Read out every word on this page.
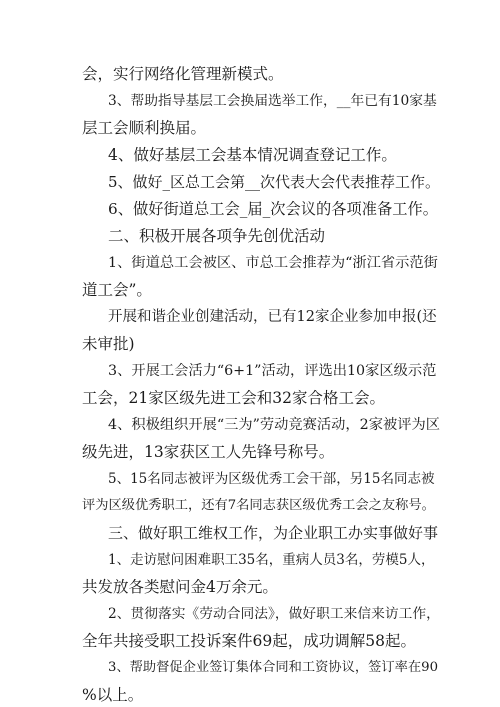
会，实行网络化管理新模式。
3、帮助指导基层工会换届选举工作，__年已有10家基
层工会顺利换届。
4、做好基层工会基本情况调查登记工作。
5、做好_区总工会第__次代表大会代表推荐工作。
6、做好街道总工会_届_次会议的各项准备工作。
二、积极开展各项争先创优活动
1、街道总工会被区、市总工会推荐为“浙江省示范街
道工会”。
开展和谐企业创建活动，已有12家企业参加申报(还
未审批)
3、开展工会活力“6+1”活动，评选出10家区级示范
工会，21家区级先进工会和32家合格工会。
4、积极组织开展“三为”劳动竞赛活动，2家被评为区
级先进，13家获区工人先锋号称号。
5、15名同志被评为区级优秀工会干部，另15名同志被
评为区级优秀职工，还有7名同志获区级优秀工会之友称号。
三、做好职工维权工作，为企业职工办实事做好事
1、走访慰问困难职工35名，重病人员3名，劳模5人，
共发放各类慰问金4万余元。
2、贯彻落实《劳动合同法》，做好职工来信来访工作，
全年共接受职工投诉案件69起，成功调解58起。
3、帮助督促企业签订集体合同和工资协议，签订率在90
%以上。
